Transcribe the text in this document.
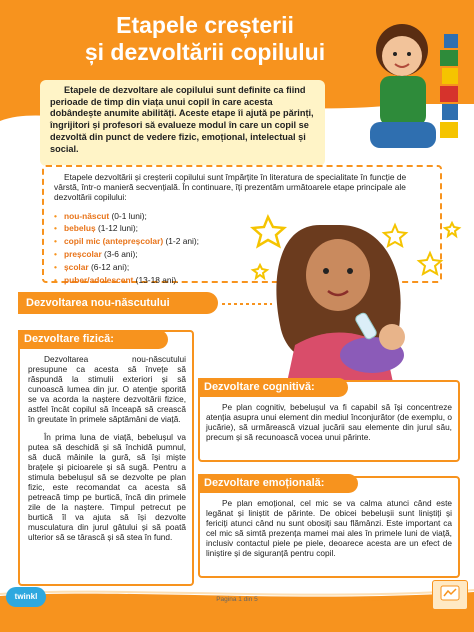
Etapele creșterii
și dezvoltării copilului

Etapele de dezvoltare ale copilului sunt definite ca fiind perioade de timp din viața unui copil în care acesta dobândește anumite abilități. Aceste etape îi ajută pe părinți, îngrijitori și profesori să evalueze modul în care un copil se dezvoltă din punct de vedere fizic, emoțional, intelectual și social.

Etapele dezvoltării și creșterii copilului sunt împărțite în literatura de specialitate în funcție de vârstă, într-o manieră secvențială. În continuare, îți prezentăm următoarele etape principale ale dezvoltării copilului:

• nou-născut (0-1 luni);
• bebeluș (1-12 luni);
• copil mic (antepreșcolar) (1-2 ani);
• preșcolar (3-6 ani);
• școlar (6-12 ani);
• puber/adolescent (13-18 ani).
Dezvoltarea nou-născutului
Dezvoltare fizică:

Dezvoltarea nou-născutului presupune ca acesta să învețe să răspundă la stimulii exteriori și să cunoască lumea din jur. O atenție sporită se va acorda la naștere dezvoltării fizice, astfel încât copilul să înceapă să crească în greutate în primele săptămâni de viață.

În prima luna de viață, bebelușul va putea să deschidă și să închidă pumnul, să ducă mâinile la gură, să își miște brațele și picioarele și să sugă. Pentru a stimula bebelușul să se dezvolte pe plan fizic, este recomandat ca acesta să petreacă timp pe burtică, încă din primele zile de la naștere. Timpul petrecut pe burtică îl va ajuta să își dezvolte musculatura din jurul gâtului și să poată ulterior să se târască și să stea în fund.

Dezvoltare cognitivă:

Pe plan cognitiv, bebelușul va fi capabil să își concentreze atenția asupra unui element din mediul înconjurător (de exemplu, o jucărie), să urmărească vizual jucării sau elemente din jurul său, precum și să recunoască vocea unui părinte.

Dezvoltare emoțională:

Pe plan emoțional, cel mic se va calma atunci când este legănat și liniștit de părinte. De obicei bebelușii sunt liniștiți și fericiți atunci când nu sunt obosiți sau flămânzi. Este important ca cel mic să simtă prezența mamei mai ales în primele luni de viață, inclusiv contactul piele pe piele, deoarece acesta are un efect de liniștire și de siguranță pentru copil.

twinkl	Pagina 1 din 5	viziteaza.twinkl.ro
